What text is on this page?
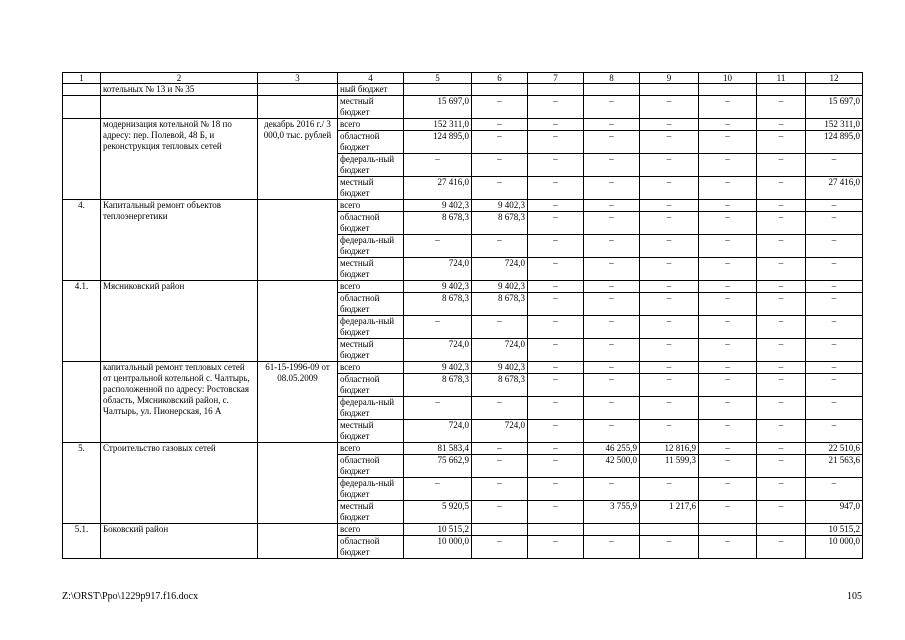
1	2	3	4	5	6	7	8	9	10	11	12
	котельных № 13 и № 35		ный бюджет								
			местный бюджет	15 697,0	–	–	–	–	–	–	15 697,0
	модернизация котельной № 18 по адресу: пер. Полевой, 48 Б, и реконструкция тепловых сетей	декабрь 2016 г./ 3 000,0 тыс. рублей	всего	152 311,0	–	–	–	–	–	–	152 311,0
			областной бюджет	124 895,0	–	–	–	–	–	–	124 895,0
			федераль-ный бюджет	–	–	–	–	–	–	–	–
			местный бюджет	27 416,0	–	–	–	–	–	–	27 416,0
4.	Капитальный ремонт объектов теплоэнергетики		всего	9 402,3	9 402,3	–	–	–	–	–	–
			областной бюджет	8 678,3	8 678,3	–	–	–	–	–	–
			федераль-ный бюджет	–	–	–	–	–	–	–	–
			местный бюджет	724,0	724,0	–	–	–	–	–	–
4.1.	Мясниковский район		всего	9 402,3	9 402,3	–	–	–	–	–	–
			областной бюджет	8 678,3	8 678,3	–	–	–	–	–	–
			федераль-ный бюджет	–	–	–	–	–	–	–	–
			местный бюджет	724,0	724,0	–	–	–	–	–	–
	капитальный ремонт тепловых сетей от центральной котельной с. Чалтырь, расположенной по адресу: Ростовская область, Мясниковский район, с. Чалтырь, ул. Пионерская, 16 А	61-15-1996-09 от 08.05.2009	всего	9 402,3	9 402,3	–	–	–	–	–	–
			областной бюджет	8 678,3	8 678,3	–	–	–	–	–	–
			федераль-ный бюджет	–	–	–	–	–	–	–	–
			местный бюджет	724,0	724,0	–	–	–	–	–	–
5.	Строительство газовых сетей		всего	81 583,4	–	–	46 255,9	12 816,9	–	–	22 510,6
			областной бюджет	75 662,9	–	–	42 500,0	11 599,3	–	–	21 563,6
			федераль-ный бюджет	–	–	–	–	–	–	–	–
			местный бюджет	5 920,5	–	–	3 755,9	1 217,6	–	–	947,0
5.1.	Боковский район		всего	10 515,2							10 515,2
			областной бюджет	10 000,0	–	–	–	–	–	–	10 000,0
Z:\ORST\Ppo\1229p917.f16.docx	105
